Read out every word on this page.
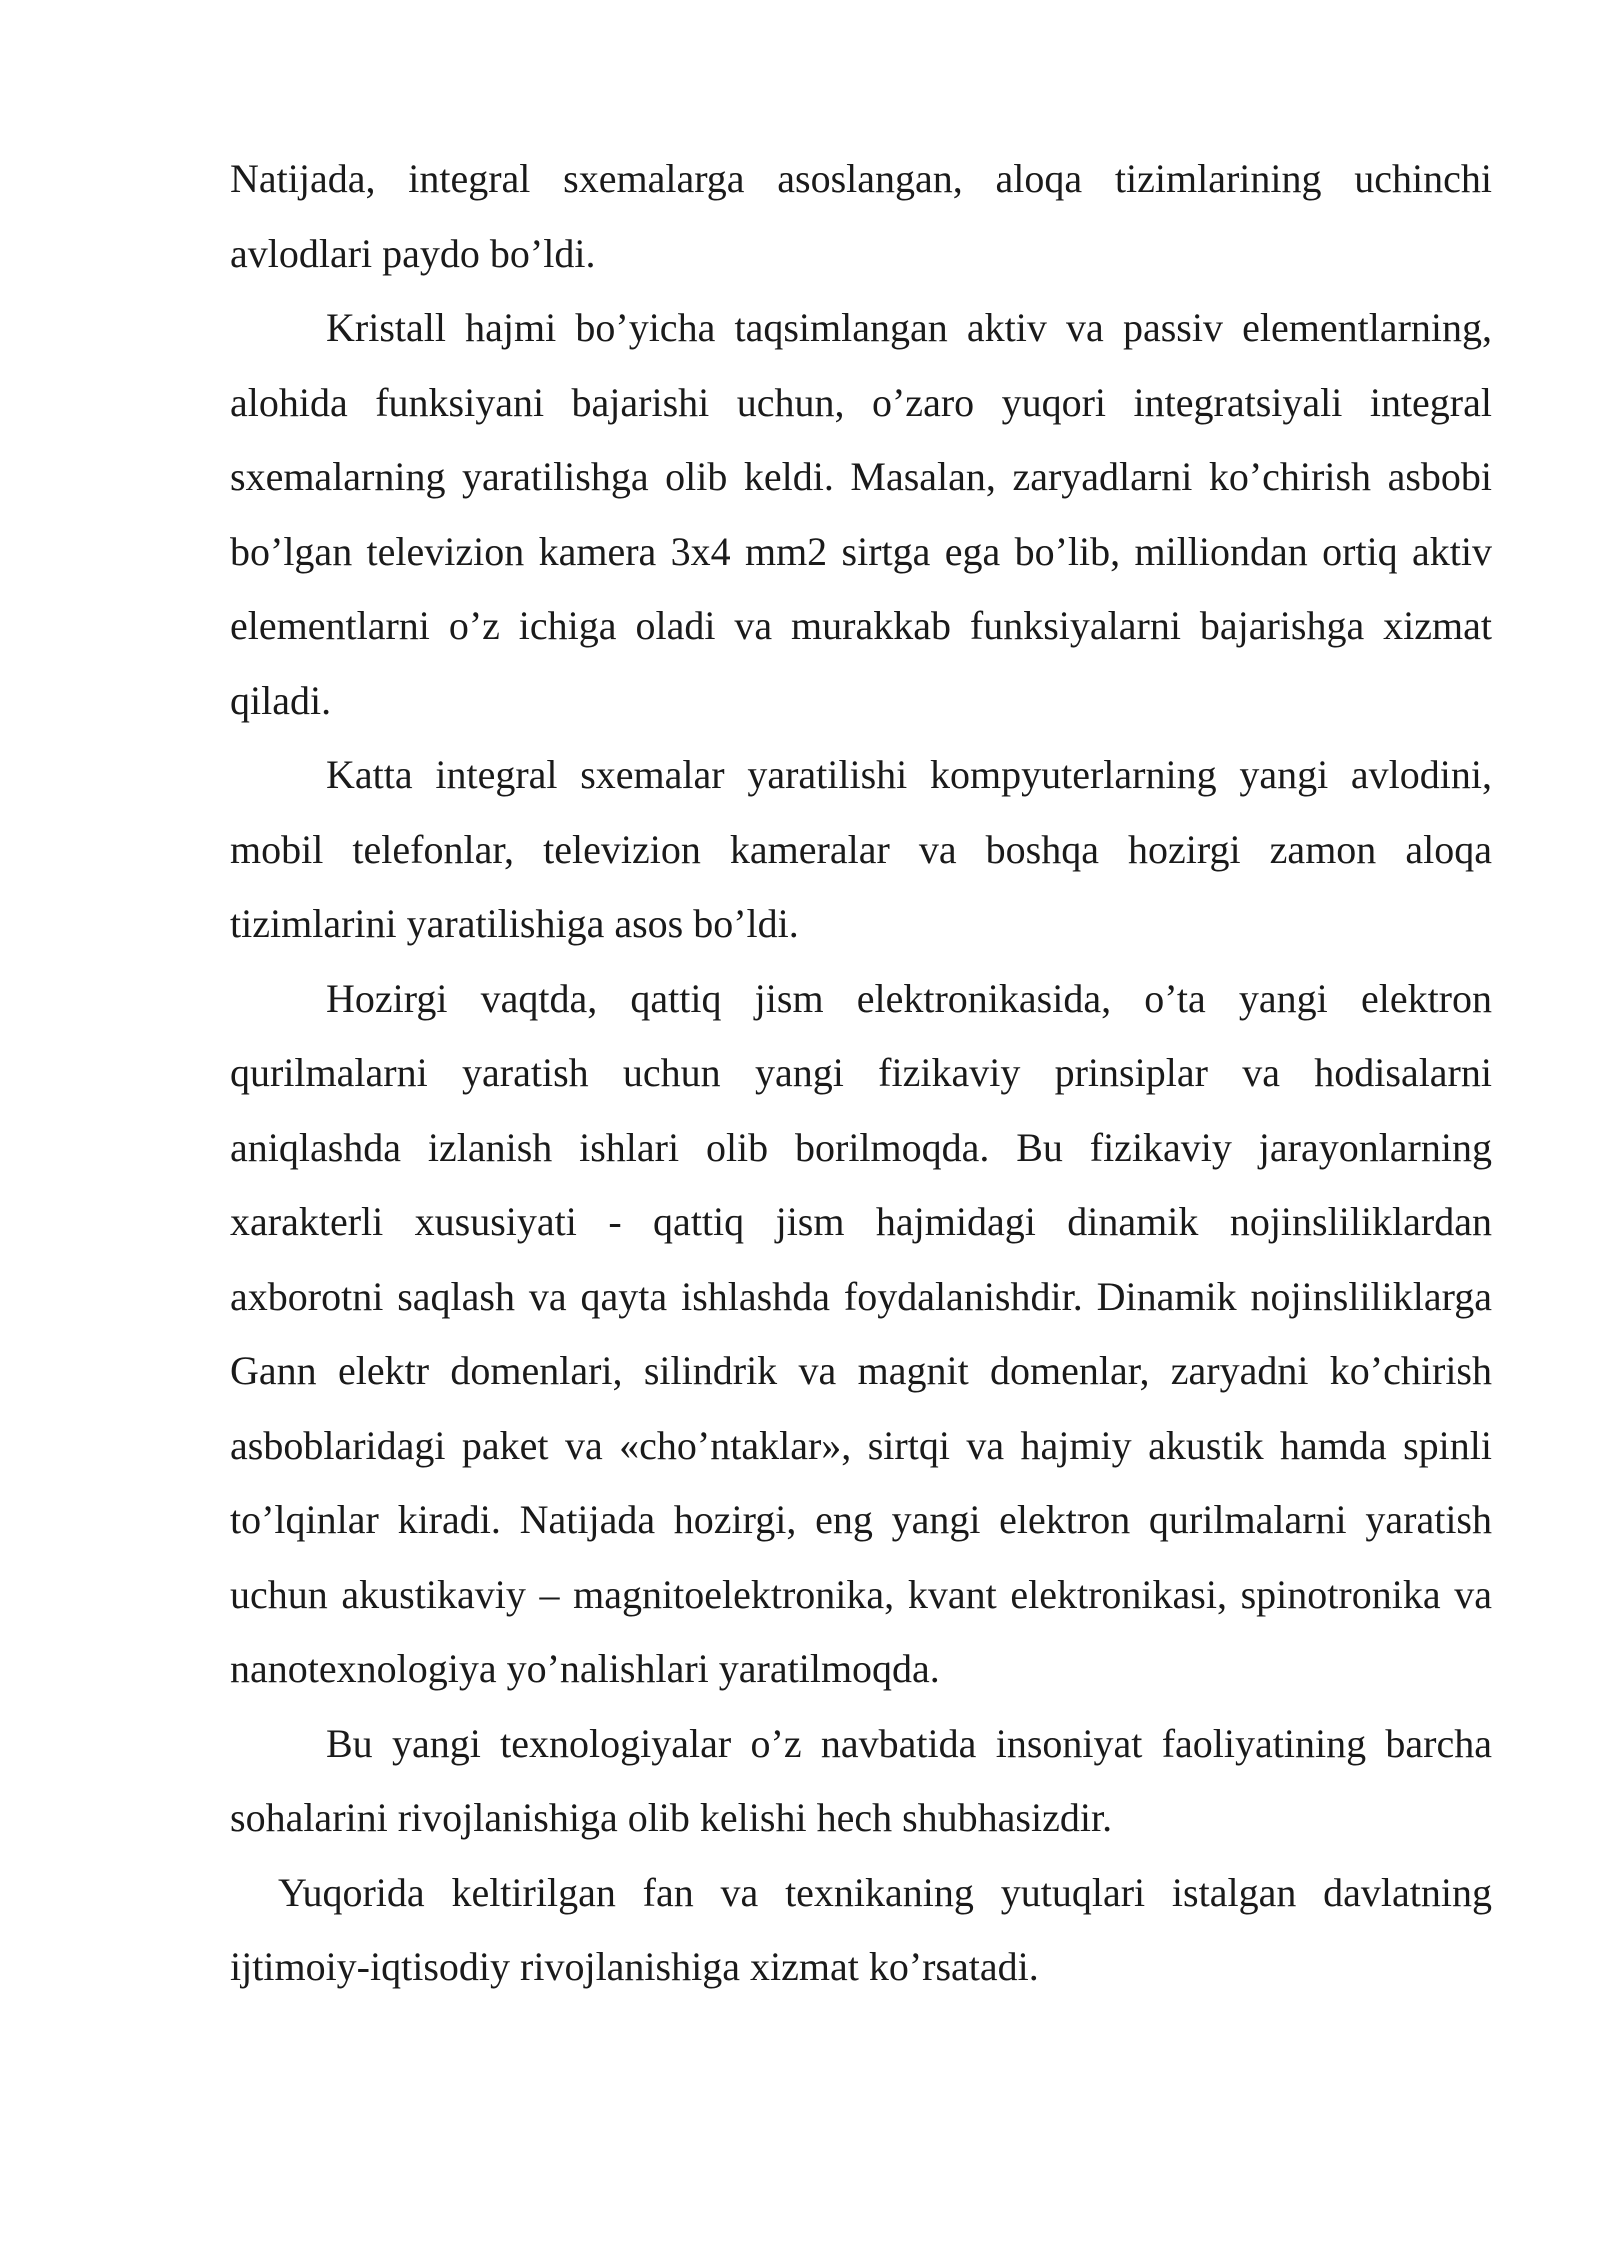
Natijada, integral sxemalarga asoslangan, aloqa tizimlarining uchinchi avlodlari paydo bo’ldi.

Kristall hajmi bo’yicha taqsimlangan aktiv va passiv elementlarning, alohida funksiyani bajarishi uchun, o’zaro yuqori integratsiyali integral sxemalarning yaratilishga olib keldi. Masalan, zaryadlarni ko’chirish asbobi bo’lgan televizion kamera 3x4 mm2 sirtga ega bo’lib, milliondan ortiq aktiv elementlarni o’z ichiga oladi va murakkab funksiyalarni bajarishga xizmat qiladi.

Katta integral sxemalar yaratilishi kompyuterlarning yangi avlodini, mobil telefonlar, televizion kameralar va boshqa hozirgi zamon aloqa tizimlarini yaratilishiga asos bo’ldi.

Hozirgi vaqtda, qattiq jism elektronikasida, o’ta yangi elektron qurilmalarni yaratish uchun yangi fizikaviy prinsiplar va hodisalarni aniqlashda izlanish ishlari olib borilmoqda. Bu fizikaviy jarayonlarning xarakterli xususiyati - qattiq jism hajmidagi dinamik nojinsliliklardan axborotni saqlash va qayta ishlashda foydalanishdir. Dinamik nojinsliliklarga Gann elektr domenlari, silindrik va magnit domenlar, zaryadni ko’chirish asboblaridagi paket va «cho’ntaklar», sirtqi va hajmiy akustik hamda spinli to’lqinlar kiradi. Natijada hozirgi, eng yangi elektron qurilmalarni yaratish uchun akustikaviy – magnitoelektronika, kvant elektronikasi, spinotronika va nanotexnologiya yo’nalishlari yaratilmoqda.

Bu yangi texnologiyalar o’z navbatida insoniyat faoliyatining barcha sohalarini rivojlanishiga olib kelishi hech shubhasizdir.

Yuqorida keltirilgan fan va texnikaning yutuqlari istalgan davlatning ijtimoiy-iqtisodiy rivojlanishiga xizmat ko’rsatadi.
